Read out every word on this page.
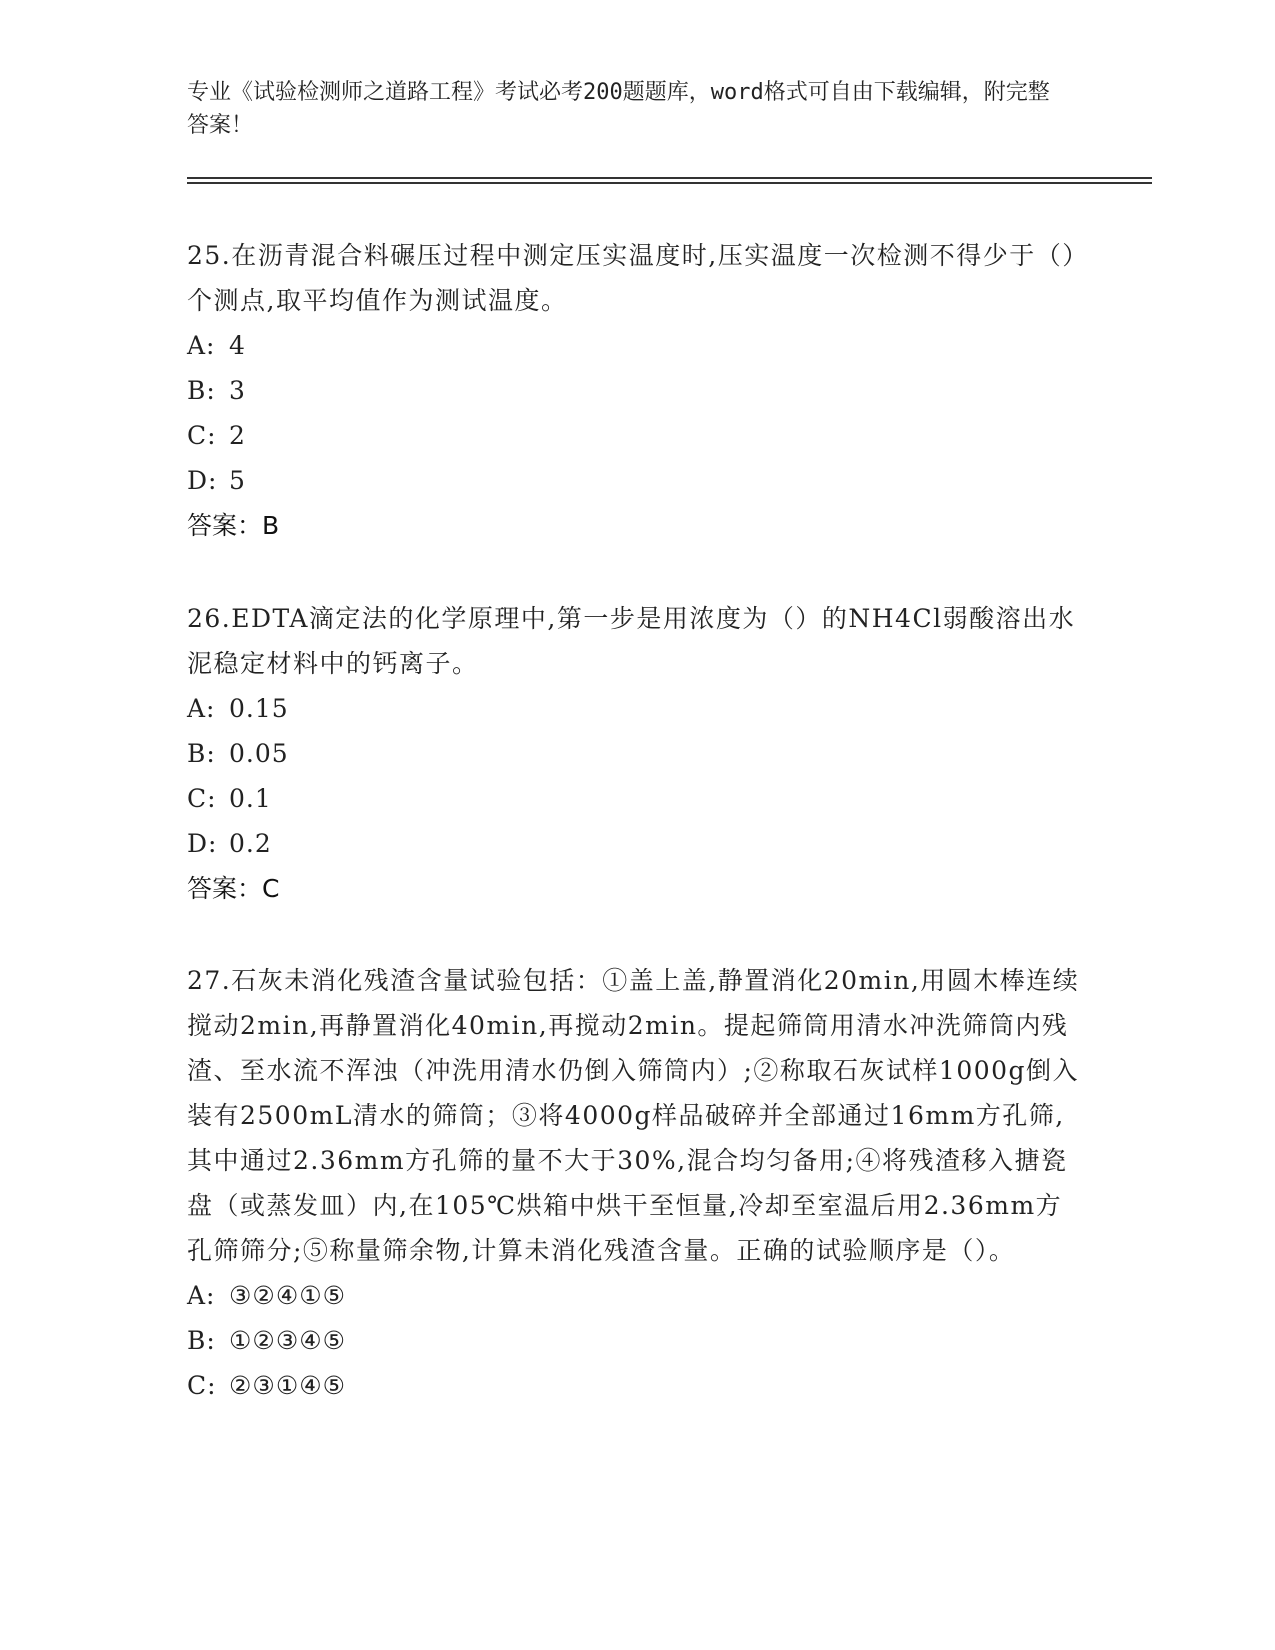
专业《试验检测师之道路工程》考试必考200题题库，word格式可自由下载编辑，附完整答案！
25.在沥青混合料碾压过程中测定压实温度时,压实温度一次检测不得少于（）个测点,取平均值作为测试温度。
A: 4
B: 3
C: 2
D: 5
答案：B
26.EDTA滴定法的化学原理中,第一步是用浓度为（）的NH4Cl弱酸溶出水泥稳定材料中的钙离子。
A: 0.15
B: 0.05
C: 0.1
D: 0.2
答案：C
27.石灰未消化残渣含量试验包括：①盖上盖,静置消化20min,用圆木棒连续搅动2min,再静置消化40min,再搅动2min。提起筛筒用清水冲洗筛筒内残渣、至水流不浑浊（冲洗用清水仍倒入筛筒内）;②称取石灰试样1000g倒入装有2500mL清水的筛筒；③将4000g样品破碎并全部通过16mm方孔筛,其中通过2.36mm方孔筛的量不大于30%,混合均匀备用;④将残渣移入搪瓷盘（或蒸发皿）内,在105℃烘箱中烘干至恒量,冷却至室温后用2.36mm方孔筛筛分;⑤称量筛余物,计算未消化残渣含量。正确的试验顺序是（）。
A: ③②④①⑤
B: ①②③④⑤
C: ②③①④⑤
